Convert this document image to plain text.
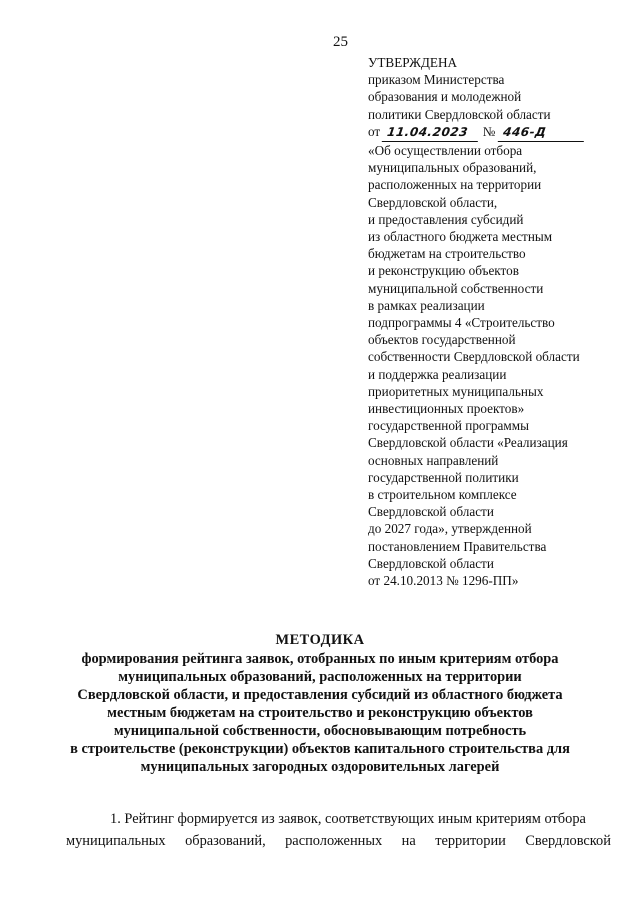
25
УТВЕРЖДЕНА
приказом Министерства
образования и молодежной
политики Свердловской области
от 11.04.2023 № 446-Д
«Об осуществлении отбора
муниципальных образований,
расположенных на территории
Свердловской области,
и предоставления субсидий
из областного бюджета местным
бюджетам на строительство
и реконструкцию объектов
муниципальной собственности
в рамках реализации
подпрограммы 4 «Строительство
объектов государственной
собственности Свердловской области
и поддержка реализации
приоритетных муниципальных
инвестиционных проектов»
государственной программы
Свердловской области «Реализация
основных направлений
государственной политики
в строительном комплексе
Свердловской области
до 2027 года», утвержденной
постановлением Правительства
Свердловской области
от 24.10.2013 № 1296-ПП»
МЕТОДИКА
формирования рейтинга заявок, отобранных по иным критериям отбора
муниципальных образований, расположенных на территории
Свердловской области, и предоставления субсидий из областного бюджета
местным бюджетам на строительство и реконструкцию объектов
муниципальной собственности, обосновывающим потребность
в строительстве (реконструкции) объектов капитального строительства для
муниципальных загородных оздоровительных лагерей
1. Рейтинг формируется из заявок, соответствующих иным критериям отбора
муниципальных образований, расположенных на территории Свердловской
